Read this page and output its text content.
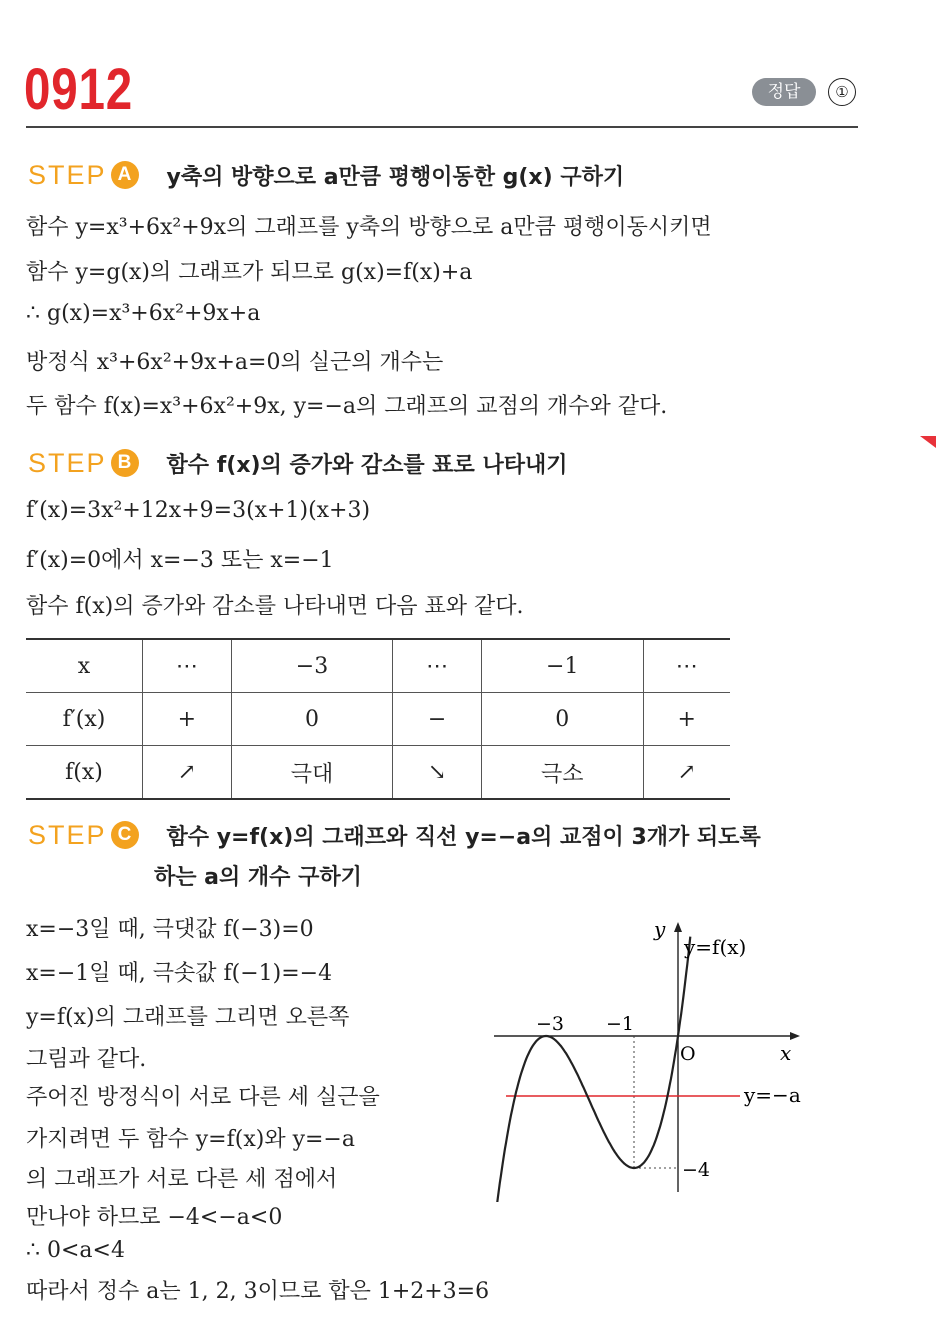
0912	정답	①
STEP A	y축의 방향으로 a만큼 평행이동한 g(x) 구하기
함수 y=x³+6x²+9x의 그래프를 y축의 방향으로 a만큼 평행이동시키면
함수 y=g(x)의 그래프가 되므로 g(x)=f(x)+a
∴ g(x)=x³+6x²+9x+a
방정식 x³+6x²+9x+a=0의 실근의 개수는
두 함수 f(x)=x³+6x²+9x, y=−a의 그래프의 교점의 개수와 같다.
STEP B	함수 f(x)의 증가와 감소를 표로 나타내기
f′(x)=3x²+12x+9=3(x+1)(x+3)
f′(x)=0에서 x=−3 또는 x=−1
함수 f(x)의 증가와 감소를 나타내면 다음 표와 같다.
x	⋯	−3	⋯	−1	⋯
f′(x)	+	0	−	0	+
f(x)	↗	극대	↘	극소	↗
STEP C	함수 y=f(x)의 그래프와 직선 y=−a의 교점이 3개가 되도록
하는 a의 개수 구하기
x=−3일 때, 극댓값 f(−3)=0
x=−1일 때, 극솟값 f(−1)=−4
y=f(x)의 그래프를 그리면 오른쪽
그림과 같다.
주어진 방정식이 서로 다른 세 실근을
가지려면 두 함수 y=f(x)와 y=−a
의 그래프가 서로 다른 세 점에서
만나야 하므로 −4<−a<0
∴ 0<a<4
따라서 정수 a는 1, 2, 3이므로 합은 1+2+3=6
y
y=f(x)
x
O
−3 −1
−4
y=−a
